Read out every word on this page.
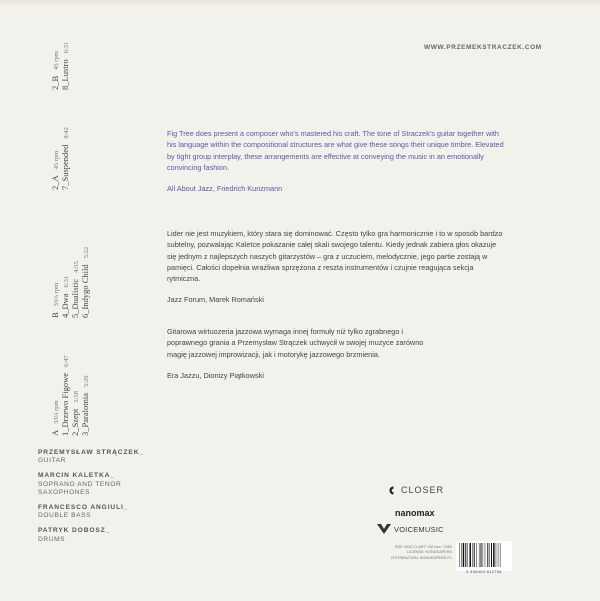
WWW.PRZEMEKSTRACZEK.COM
A33⅓ rpm 1_Drzewo Figowe6:47
2_Szept3:58 3_Paralotnia5:29
B33⅓ rpm 4_Dwa6:31 5_Dualistic4:55 6_Indygo Child5:22
2_A45 rpm 7_Suspended8:42
2_B45 rpm 8_Lustro6:31
Fig Tree does present a composer who's mastered his craft. The tone of Straczek's guitar together with his language within the compositional structures are what give these songs their unique timbre. Elevated by tight group interplay, these arrangements are effective at conveying the music in an emotionally convincing fashion.
All About Jazz, Friedrich Kunzmann
Lider nie jest muzykiem, który stara się dominować. Często tylko gra harmonicznie i to w sposób bardzo subtelny, pozwalając Kaletce pokazanie całej skali swojego talentu. Kiedy jednak zabiera głos okazuje się jednym z najlepszych naszych gitarzystów – gra z uczuciem, melodycznie, jego partie zostają w pamięci. Całości dopełnia wrażliwa sprzężona z reszta instrumentów i czujnie reagująca sekcja rytmiczna.
Jazz Forum, Marek Romański
Gitarowa wirtuozeria jazzowa wymaga innej formuły niż tylko zgrabnego i poprawnego grania a Przemysław Strączek uchwycił w swojej muzyce zarówno magię jazzowej improwizacji, jak i motorykę jazzowego brzmienia.
Era Jazzu, Dionizy Piątkowski
PRZEMYSŁAW STRĄCZEK_
GUITAR
MARCIN KALETKA_
SOPRANO AND TENOR SAXOPHONES
FRANCESCO ANGIULI_
DOUBLE BASS
PATRYK DOBOSZ_
DRUMS
CLOSER
nanomax
VOICEMUSIC
RSE 2020 CLART. VM num. 2483
LICENSE: NONDEAPERE
DISTRIBUTION: NONDEAPERE.PL
5 906409 812758
